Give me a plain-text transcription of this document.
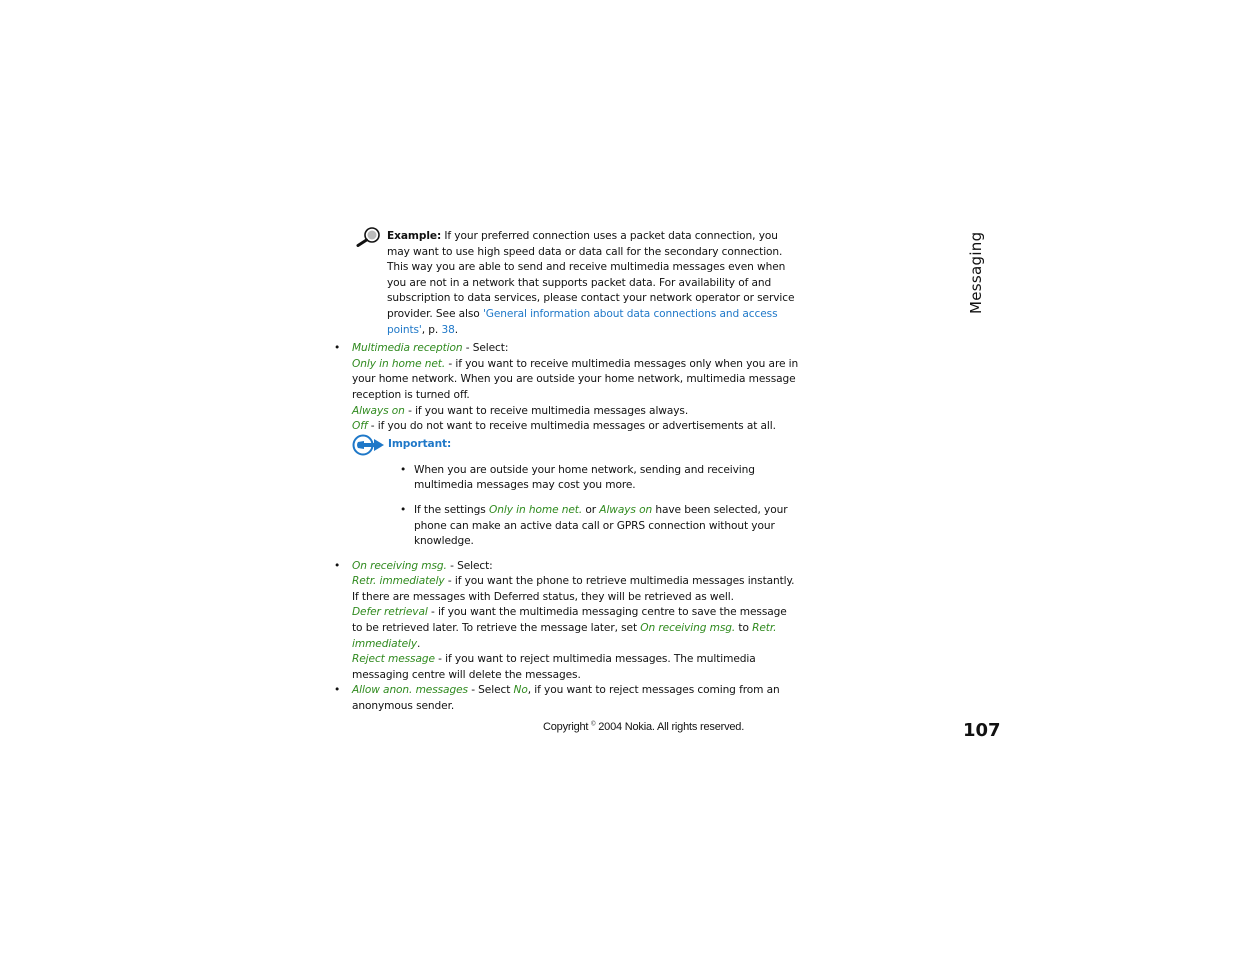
Example: If your preferred connection uses a packet data connection, you may want to use high speed data or data call for the secondary connection. This way you are able to send and receive multimedia messages even when you are not in a network that supports packet data. For availability of and subscription to data services, please contact your network operator or service provider. See also 'General information about data connections and access points', p. 38.
• Multimedia reception - Select:
Only in home net. - if you want to receive multimedia messages only when you are in your home network. When you are outside your home network, multimedia message reception is turned off.
Always on - if you want to receive multimedia messages always.
Off - if you do not want to receive multimedia messages or advertisements at all.
Important:
• When you are outside your home network, sending and receiving multimedia messages may cost you more.
• If the settings Only in home net. or Always on have been selected, your phone can make an active data call or GPRS connection without your knowledge.
• On receiving msg. - Select:
Retr. immediately - if you want the phone to retrieve multimedia messages instantly. If there are messages with Deferred status, they will be retrieved as well.
Defer retrieval - if you want the multimedia messaging centre to save the message to be retrieved later. To retrieve the message later, set On receiving msg. to Retr. immediately.
Reject message - if you want to reject multimedia messages. The multimedia messaging centre will delete the messages.
• Allow anon. messages - Select No, if you want to reject messages coming from an anonymous sender.
Messaging
Copyright © 2004 Nokia. All rights reserved.	107
